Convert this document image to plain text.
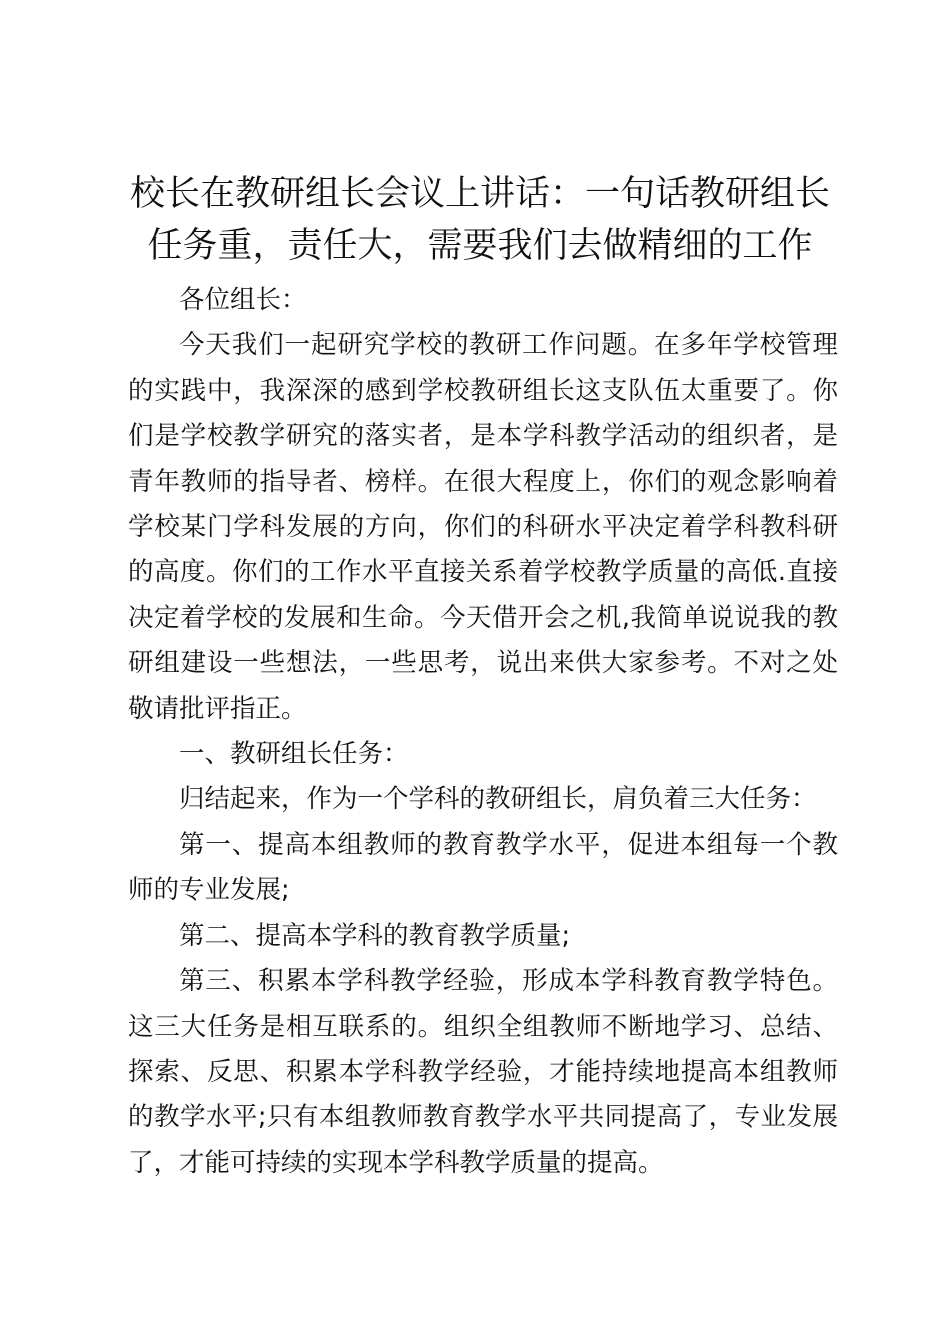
校长在教研组长会议上讲话：一句话教研组长
任务重，责任大，需要我们去做精细的工作

各位组长：

今天我们一起研究学校的教研工作问题。在多年学校管理的实践中，我深深的感到学校教研组长这支队伍太重要了。你们是学校教学研究的落实者，是本学科教学活动的组织者，是青年教师的指导者、榜样。在很大程度上，你们的观念影响着学校某门学科发展的方向，你们的科研水平决定着学科教科研的高度。你们的工作水平直接关系着学校教学质量的高低.直接决定着学校的发展和生命。今天借开会之机,我简单说说我的教研组建设一些想法，一些思考，说出来供大家参考。不对之处敬请批评指正。

一、教研组长任务：

归结起来，作为一个学科的教研组长，肩负着三大任务：

第一、提高本组教师的教育教学水平，促进本组每一个教师的专业发展;

第二、提高本学科的教育教学质量;

第三、积累本学科教学经验，形成本学科教育教学特色。这三大任务是相互联系的。组织全组教师不断地学习、总结、探索、反思、积累本学科教学经验，才能持续地提高本组教师的教学水平;只有本组教师教育教学水平共同提高了，专业发展了，才能可持续的实现本学科教学质量的提高。
